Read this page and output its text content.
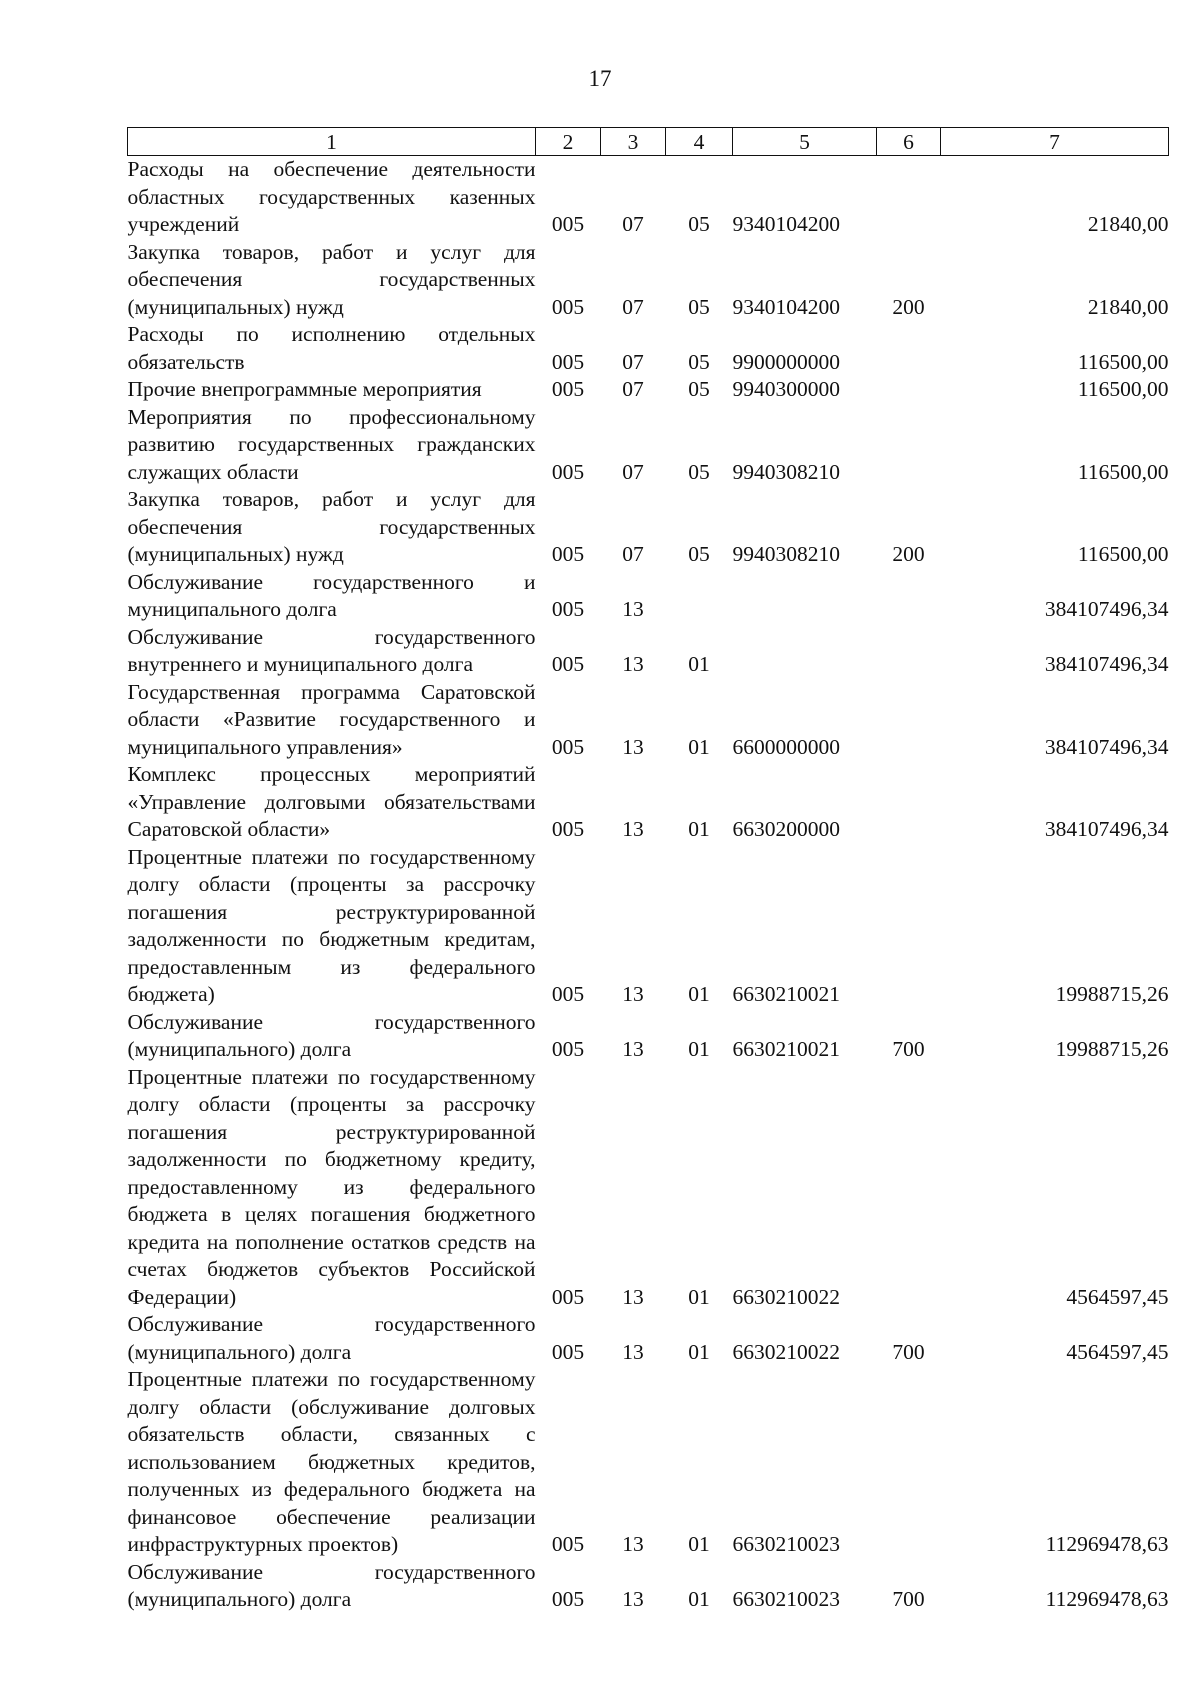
17
1	2	3	4	5	6	7
Расходы на обеспечение деятельности областных государственных казенных учреждений	005	07	05	9340104200		21840,00
Закупка товаров, работ и услуг для обеспечения государственных (муниципальных) нужд	005	07	05	9340104200	200	21840,00
Расходы по исполнению отдельных обязательств	005	07	05	9900000000		116500,00
Прочие внепрограммные мероприятия	005	07	05	9940300000		116500,00
Мероприятия по профессиональному развитию государственных гражданских служащих области	005	07	05	9940308210		116500,00
Закупка товаров, работ и услуг для обеспечения государственных (муниципальных) нужд	005	07	05	9940308210	200	116500,00
Обслуживание государственного и муниципального долга	005	13				384107496,34
Обслуживание государственного внутреннего и муниципального долга	005	13	01			384107496,34
Государственная программа Саратовской области «Развитие государственного и муниципального управления»	005	13	01	6600000000		384107496,34
Комплекс процессных мероприятий «Управление долговыми обязательствами Саратовской области»	005	13	01	6630200000		384107496,34
Процентные платежи по государственному долгу области (проценты за рассрочку погашения реструктурированной задолженности по бюджетным кредитам, предоставленным из федерального бюджета)	005	13	01	6630210021		19988715,26
Обслуживание государственного (муниципального) долга	005	13	01	6630210021	700	19988715,26
Процентные платежи по государственному долгу области (проценты за рассрочку погашения реструктурированной задолженности по бюджетному кредиту, предоставленному из федерального бюджета в целях погашения бюджетного кредита на пополнение остатков средств на счетах бюджетов субъектов Российской Федерации)	005	13	01	6630210022		4564597,45
Обслуживание государственного (муниципального) долга	005	13	01	6630210022	700	4564597,45
Процентные платежи по государственному долгу области (обслуживание долговых обязательств области, связанных с использованием бюджетных кредитов, полученных из федерального бюджета на финансовое обеспечение реализации инфраструктурных проектов)	005	13	01	6630210023		112969478,63
Обслуживание государственного (муниципального) долга	005	13	01	6630210023	700	112969478,63
